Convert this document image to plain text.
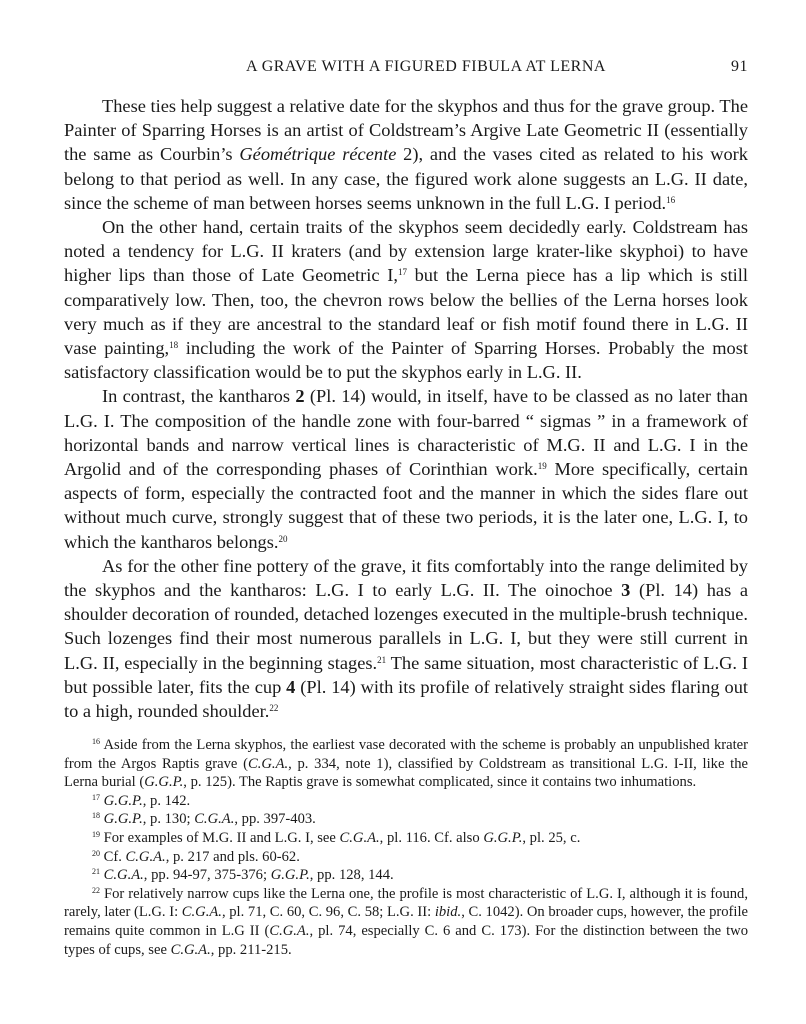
A GRAVE WITH A FIGURED FIBULA AT LERNA	91

These ties help suggest a relative date for the skyphos and thus for the grave group. The Painter of Sparring Horses is an artist of Coldstream’s Argive Late Geometric II (essentially the same as Courbin’s Géométrique récente 2), and the vases cited as related to his work belong to that period as well. In any case, the figured work alone suggests an L.G. II date, since the scheme of man between horses seems unknown in the full L.G. I period.$^{16}$

On the other hand, certain traits of the skyphos seem decidedly early. Coldstream has noted a tendency for L.G. II kraters (and by extension large krater-like skyphoi) to have higher lips than those of Late Geometric I,$^{17}$ but the Lerna piece has a lip which is still comparatively low. Then, too, the chevron rows below the bellies of the Lerna horses look very much as if they are ancestral to the standard leaf or fish motif found there in L.G. II vase painting,$^{18}$ including the work of the Painter of Sparring Horses. Probably the most satisfactory classification would be to put the skyphos early in L.G. II.

In contrast, the kantharos 2 (Pl. 14) would, in itself, have to be classed as no later than L.G. I. The composition of the handle zone with four-barred “ sigmas ” in a framework of horizontal bands and narrow vertical lines is characteristic of M.G. II and L.G. I in the Argolid and of the corresponding phases of Corinthian work.$^{19}$ More specifically, certain aspects of form, especially the contracted foot and the manner in which the sides flare out without much curve, strongly suggest that of these two periods, it is the later one, L.G. I, to which the kantharos belongs.$^{20}$

As for the other fine pottery of the grave, it fits comfortably into the range delimited by the skyphos and the kantharos: L.G. I to early L.G. II. The oinochoe 3 (Pl. 14) has a shoulder decoration of rounded, detached lozenges executed in the multiple-brush technique. Such lozenges find their most numerous parallels in L.G. I, but they were still current in L.G. II, especially in the beginning stages.$^{21}$ The same situation, most characteristic of L.G. I but possible later, fits the cup 4 (Pl. 14) with its profile of relatively straight sides flaring out to a high, rounded shoulder.$^{22}$

$^{16}$ Aside from the Lerna skyphos, the earliest vase decorated with the scheme is probably an unpublished krater from the Argos Raptis grave (C.G.A., p. 334, note 1), classified by Coldstream as transitional L.G. I-II, like the Lerna burial (G.G.P., p. 125). The Raptis grave is somewhat complicated, since it contains two inhumations.

$^{17}$ G.G.P., p. 142.

$^{18}$ G.G.P., p. 130; C.G.A., pp. 397-403.

$^{19}$ For examples of M.G. II and L.G. I, see C.G.A., pl. 116. Cf. also G.G.P., pl. 25, c.

$^{20}$ Cf. C.G.A., p. 217 and pls. 60-62.

$^{21}$ C.G.A., pp. 94-97, 375-376; G.G.P., pp. 128, 144.

$^{22}$ For relatively narrow cups like the Lerna one, the profile is most characteristic of L.G. I, although it is found, rarely, later (L.G. I: C.G.A., pl. 71, C. 60, C. 96, C. 58; L.G. II: ibid., C. 1042). On broader cups, however, the profile remains quite common in L.G II (C.G.A., pl. 74, especially C. 6 and C. 173). For the distinction between the two types of cups, see C.G.A., pp. 211-215.
